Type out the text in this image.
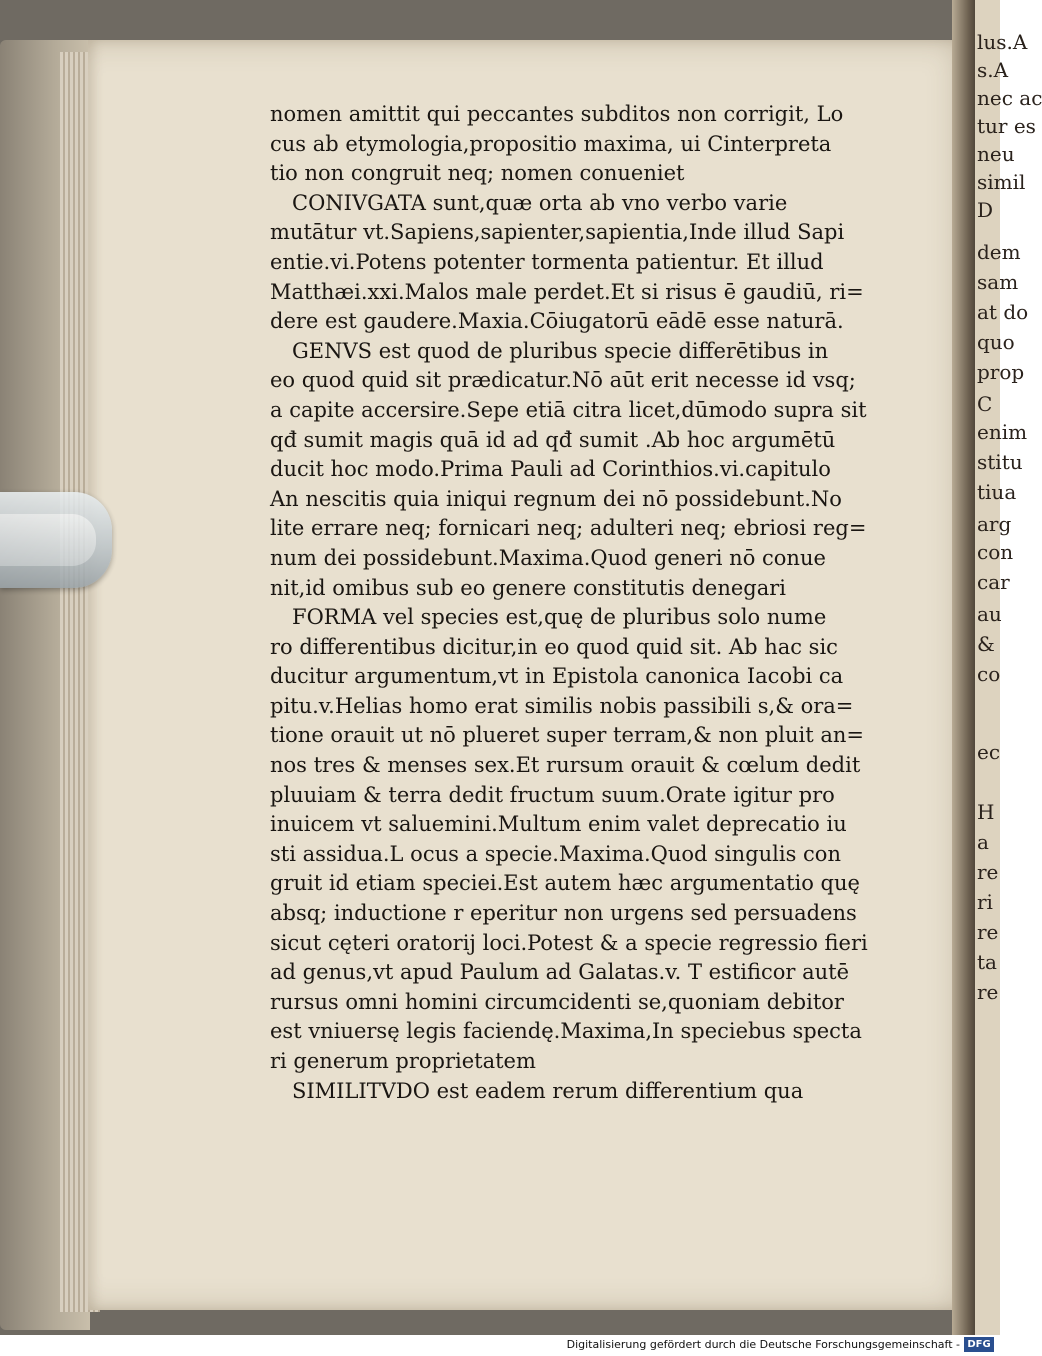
lus.A
s.A
nec ac
tur es
neu
simil
D
dem
sam
at do
quo
prop
C
enim
stitu
tiua
arg
con
car
au
&
co
ec
H
a
re
ri
re
ta
re
nomen amittit qui peccantes subditos non corrigit, Lo
cus ab etymologia,propositio maxima, ui Cinterpreta
tio non congruit neq; nomen conueniet
CONIVGATA sunt,quæ orta ab vno verbo varie
mutātur vt.Sapiens,sapienter,sapientia,Inde illud Sapi
entie.vi.Potens potenter tormenta patientur. Et illud
Matthæi.xxi.Malos male perdet.Et si risus ē gaudiū, ri=
dere est gaudere.Maxia.Cōiugatorū eādē esse naturā.
GENVS est quod de pluribus specie differētibus in
eo quod quid sit prædicatur.Nō aūt erit necesse id vsq;
a capite accersire.Sepe etiā citra licet,dūmodo supra sit
qđ sumit magis quā id ad qđ sumit .Ab hoc argumētū
ducit hoc modo.Prima Pauli ad Corinthios.vi.capitulo
An nescitis quia iniqui regnum dei nō possidebunt.No
lite errare neq; fornicari neq; adulteri neq; ebriosi reg=
num dei possidebunt.Maxima.Quod generi nō conue
nit,id omibus sub eo genere constitutis denegari
FORMA vel species est,quę de pluribus solo nume
ro differentibus dicitur,in eo quod quid sit. Ab hac sic
ducitur argumentum,vt in Epistola canonica Iacobi ca
pitu.v.Helias homo erat similis nobis passibili s,& ora=
tione orauit ut nō plueret super terram,& non pluit an=
nos tres & menses sex.Et rursum orauit & cœlum dedit
pluuiam & terra dedit fructum suum.Orate igitur pro
inuicem vt saluemini.Multum enim valet deprecatio iu
sti assidua.L ocus a specie.Maxima.Quod singulis con
gruit id etiam speciei.Est autem hæc argumentatio quę
absq; inductione r eperitur non urgens sed persuadens
sicut cęteri oratorij loci.Potest & a specie regressio fieri
ad genus,vt apud Paulum ad Galatas.v. T estificor autē
rursus omni homini circumcidenti se,quoniam debitor
est vniuersę legis faciendę.Maxima,In speciebus specta
ri generum proprietatem
SIMILITVDO est eadem rerum differentium qua
Digitalisierung gefördert durch die Deutsche Forschungsgemeinschaft - DFG
